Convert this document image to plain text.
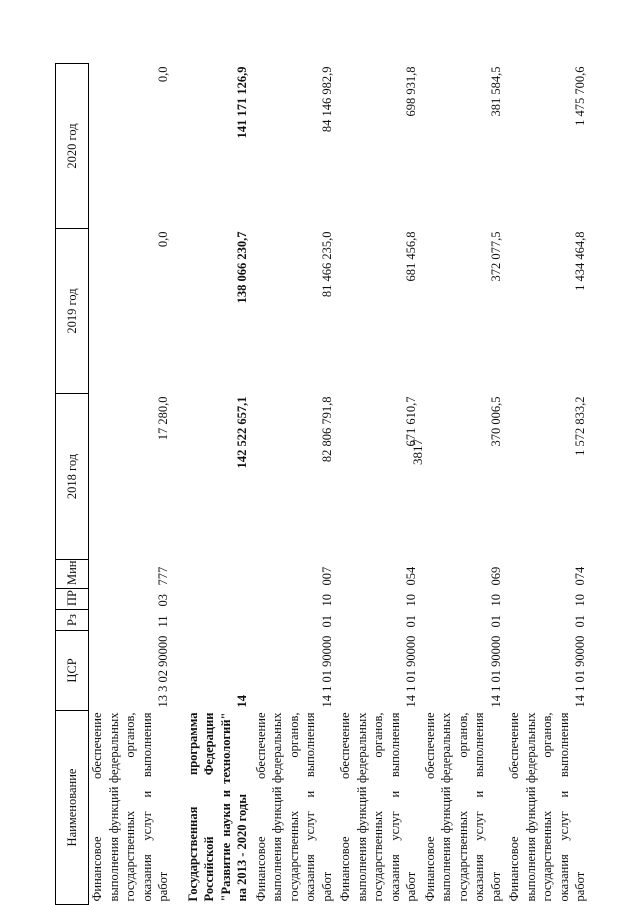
3817
Наименование	ЦСР	Рз	ПР	Мин	2018 год	2019 год	2020 год
Финансовое обеспечение выполнения функций федеральных государственных органов, оказания услуг и выполнения работ	13 3 02 90000	11	03	777	17 280,0	0,0	0,0
Государственная программа Российской Федерации "Развитие науки и технологий" на 2013 - 2020 годы	14				142 522 657,1	138 066 230,7	141 171 126,9
Финансовое обеспечение выполнения функций федеральных государственных органов, оказания услуг и выполнения работ	14 1 01 90000	01	10	007	82 806 791,8	81 466 235,0	84 146 982,9
Финансовое обеспечение выполнения функций федеральных государственных органов, оказания услуг и выполнения работ	14 1 01 90000	01	10	054	671 610,7	681 456,8	698 931,8
Финансовое обеспечение выполнения функций федеральных государственных органов, оказания услуг и выполнения работ	14 1 01 90000	01	10	069	370 006,5	372 077,5	381 584,5
Финансовое обеспечение выполнения функций федеральных государственных органов, оказания услуг и выполнения работ	14 1 01 90000	01	10	074	1 572 833,2	1 434 464,8	1 475 700,6
